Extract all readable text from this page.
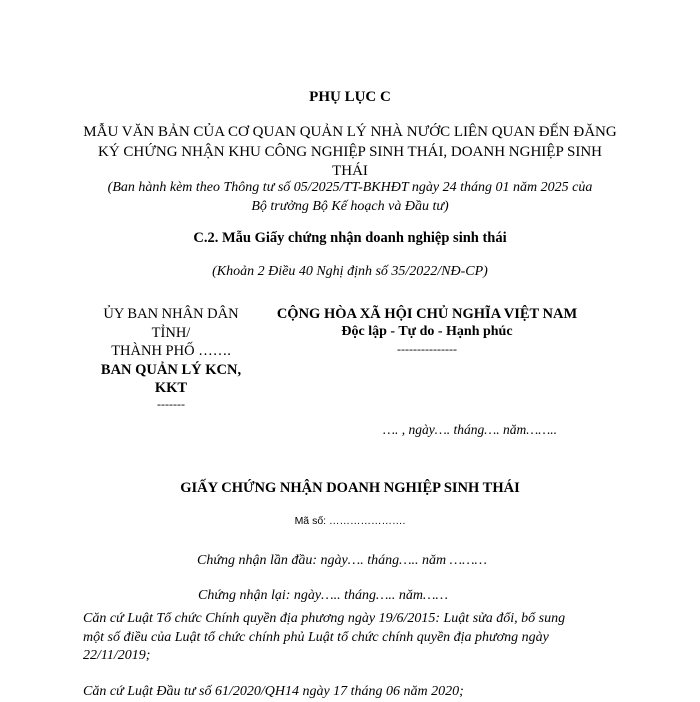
PHỤ LỤC C
MẪU VĂN BẢN CỦA CƠ QUAN QUẢN LÝ NHÀ NƯỚC LIÊN QUAN ĐẾN ĐĂNG
KÝ CHỨNG NHẬN KHU CÔNG NGHIỆP SINH THÁI, DOANH NGHIỆP SINH
THÁI
(Ban hành kèm theo Thông tư số 05/2025/TT-BKHĐT ngày 24 tháng 01 năm 2025 của
Bộ trưởng Bộ Kế hoạch và Đầu tư)
C.2. Mẫu Giấy chứng nhận doanh nghiệp sinh thái
(Khoản 2 Điều 40 Nghị định số 35/2022/NĐ-CP)
ỦY BAN NHÂN DÂN
TỈNH/
THÀNH PHỐ …….
BAN QUẢN LÝ KCN,
KKT
-------
CỘNG HÒA XÃ HỘI CHỦ NGHĨA VIỆT NAM
Độc lập - Tự do - Hạnh phúc
---------------
…. , ngày…. tháng…. năm……..
GIẤY CHỨNG NHẬN DOANH NGHIỆP SINH THÁI
Mã số: ………………….
Chứng nhận lần đầu: ngày…. tháng….. năm ………
Chứng nhận lại: ngày….. tháng….. năm……
Căn cứ Luật Tổ chức Chính quyền địa phương ngày 19/6/2015: Luật sửa đổi, bổ sung
một số điều của Luật tổ chức chính phủ Luật tổ chức chính quyền địa phương ngày
22/11/2019;
Căn cứ Luật Đầu tư số 61/2020/QH14 ngày 17 tháng 06 năm 2020;
